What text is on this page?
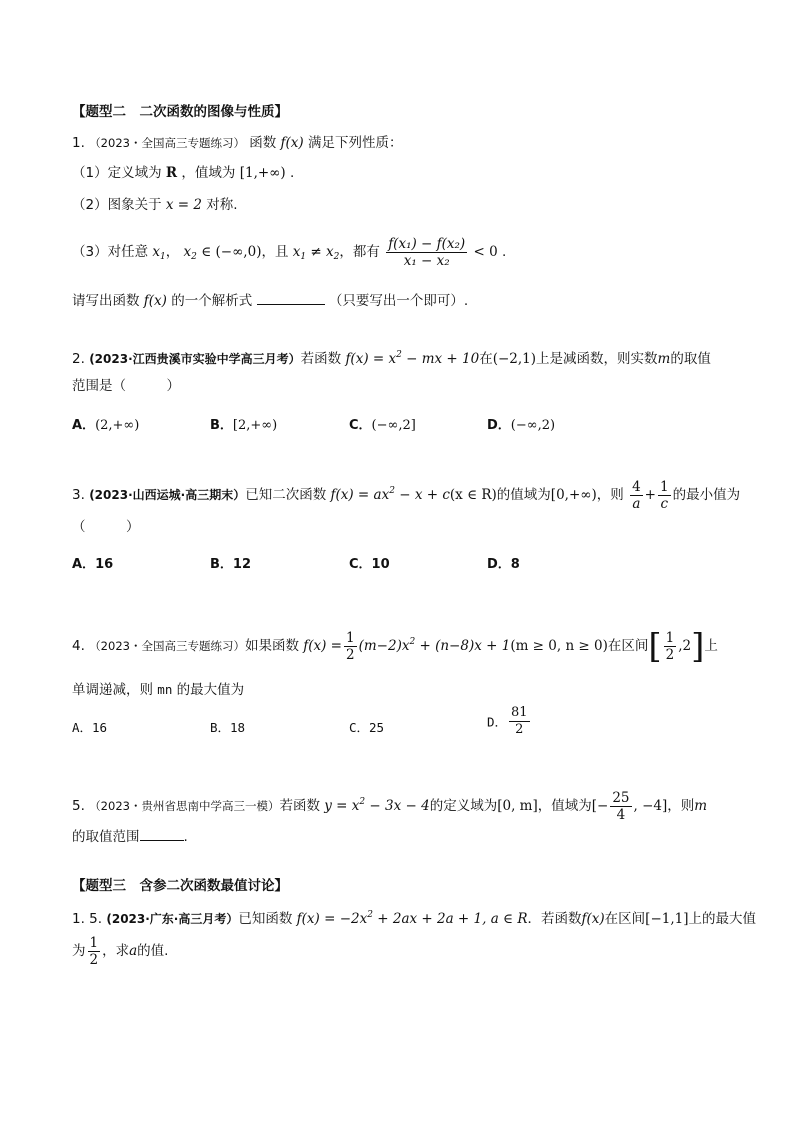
【题型二　二次函数的图像与性质】
1. （2023・全国高三专题练习） 函数 f(x) 满足下列性质：
（1）定义域为 R ，值域为 [1,+∞) .
（2）图象关于 x = 2 对称.
（3）对任意 $x_1$， $x_2$ ∈ (−∞,0)，且 $x_1 \ne x_2$，都有 $\frac{\text{f(x₁) − f(x₂)}}{\text{x₁ − x₂}} < 0$ .
请写出函数 f(x) 的一个解析式	（只要写出一个即可）.
2. (2023·江西贵溪市实验中学高三月考）若函数 $f(x) = x^2$ − mx + 10在(−2,1)上是减函数，则实数m的取值
范围是（　　　）
A．(2,+∞)	B．[2,+∞)	C．(−∞,2]	D．(−∞,2)
3. (2023·山西运城·高三期末）已知二次函数 $f(x) = ax^2 - x + c(x$ ∈ R)的值域为[0,+∞)，则 $\frac{4}{a} + \frac{1}{c}$ 的最小值为
（　　　）
A．16	B．12	C．10	D．8
4. （2023・全国高三专题练习）如果函数 $f(x) = \frac{1}{2} (m-2)x^2 + (n-8)x + 1(m \ge 0$, n ≥ 0)在区间[ $\frac{1}{2} ,2$]上
单调递减，则 mn 的最大值为
A．16	B．18	C．25	D． $\frac{81}{2}$
5. （2023・贵州省思南中学高三一模）若函数 $y = x^2 - 3x - 4$的定义域为[0, m]，值域为[− $\frac{25}{4}$ , −4]，则m
的取值范围	.
【题型三　含参二次函数最值讨论】
1. 5. (2023·广东·高三月考）已知函数 $f(x) = -2x^2 + 2ax + 2a + 1$, a ∈ R．若函数f(x)在区间[−1,1]上的最大值
为 $\frac{1}{2}$ ，求a的值.
